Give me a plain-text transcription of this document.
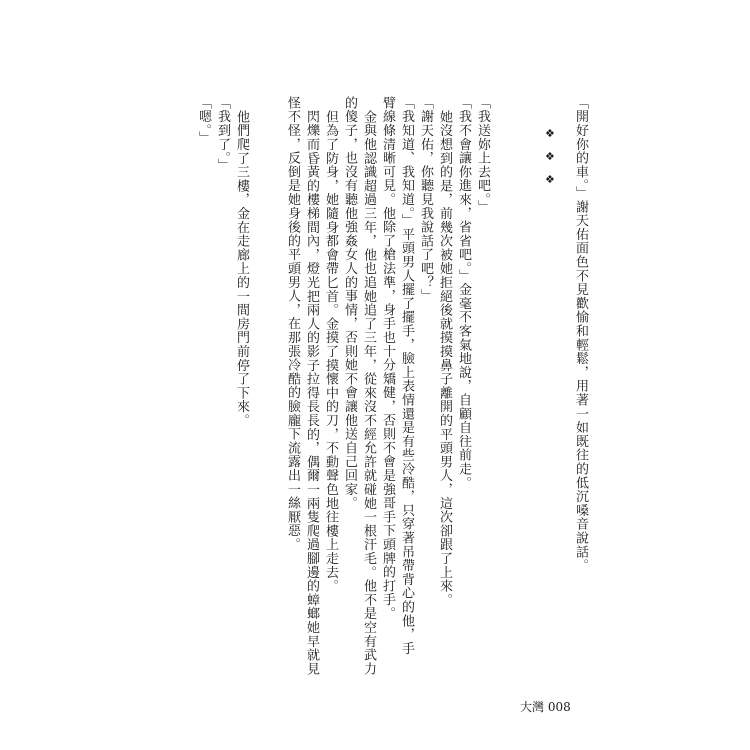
「開好你的車。」謝天佑面色不見歡愉和輕鬆，用著一如既往的低沉嗓音說話。
❖
❖
❖
「我送妳上去吧。」
「我不會讓你進來，省省吧。」金毫不客氣地說，自顧自往前走。
她沒想到的是，前幾次被她拒絕後就摸摸鼻子離開的平頭男人，這次卻跟了上來。
「謝天佑，你聽見我說話了吧？」
「我知道、我知道。」平頭男人擺了擺手，臉上表情還是有些冷酷，只穿著吊帶背心的他，手
臂線條清晰可見。他除了槍法準，身手也十分矯健，否則不會是強哥手下頭牌的打手。
金與他認識超過三年，他也追她追了三年，從來沒不經允許就碰她一根汗毛。他不是空有武力
的傻子，也沒有聽他強姦女人的事情，否則她不會讓他送自己回家。
但為了防身，她隨身都會帶匕首。金摸了摸懷中的刀，不動聲色地往樓上走去。
閃爍而昏黃的樓梯間內，燈光把兩人的影子拉得長長的，偶爾一兩隻爬過腳邊的蟑螂她早就見
怪不怪，反倒是她身後的平頭男人，在那張冷酷的臉龐下流露出一絲厭惡。
他們爬了三樓，金在走廊上的一間房門前停了下來。
「我到了。」
「嗯。」
大灣 008
